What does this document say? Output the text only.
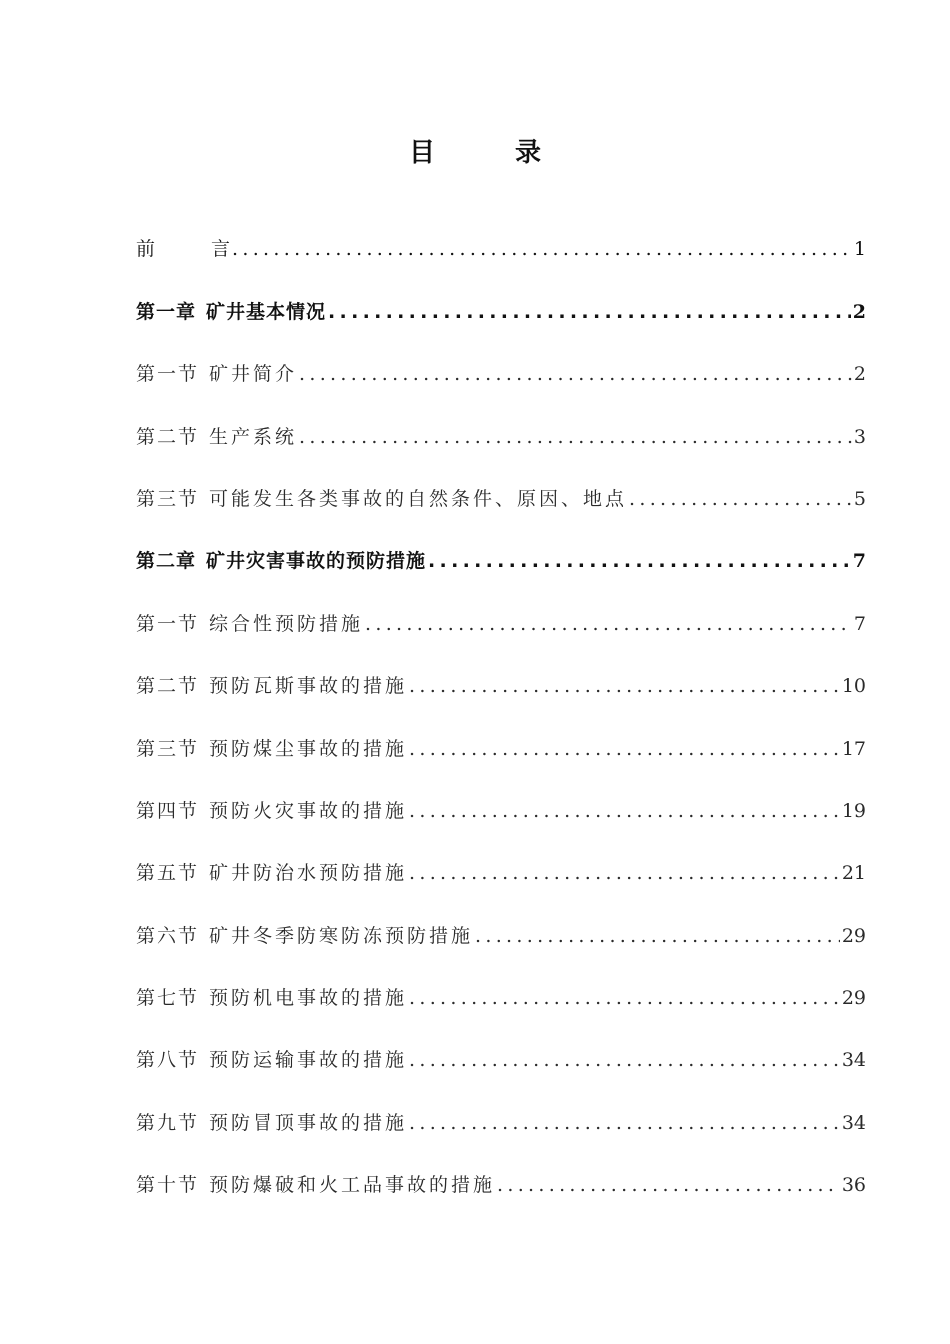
目	录
前	言 .....	1
第一章 矿井基本情况 .....	2
第一节 矿井简介 .....	2
第二节 生产系统 .....	3
第三节 可能发生各类事故的自然条件、原因、地点 .....	5
第二章 矿井灾害事故的预防措施 .....	7
第一节 综合性预防措施 .....	7
第二节 预防瓦斯事故的措施 .....	10
第三节 预防煤尘事故的措施 .....	17
第四节 预防火灾事故的措施 .....	19
第五节 矿井防治水预防措施 .....	21
第六节 矿井冬季防寒防冻预防措施 .....	29
第七节 预防机电事故的措施 .....	29
第八节 预防运输事故的措施 .....	34
第九节 预防冒顶事故的措施 .....	34
第十节 预防爆破和火工品事故的措施 .....	36
